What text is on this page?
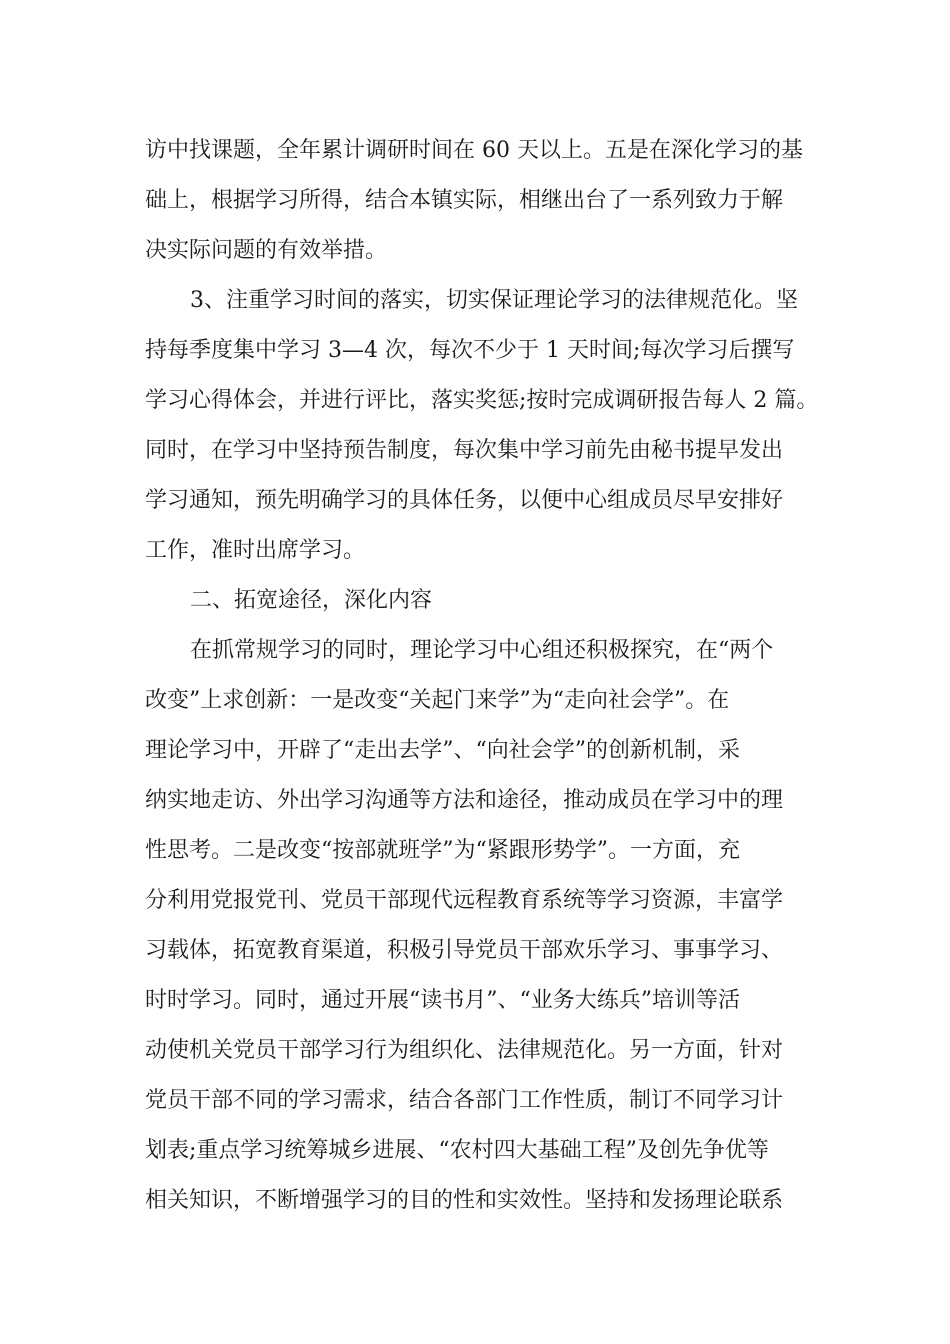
访中找课题，全年累计调研时间在 60 天以上。五是在深化学习的基
础上，根据学习所得，结合本镇实际，相继出台了一系列致力于解
决实际问题的有效举措。
3、注重学习时间的落实，切实保证理论学习的法律规范化。坚
持每季度集中学习 3—4 次，每次不少于 1 天时间;每次学习后撰写
学习心得体会，并进行评比，落实奖惩;按时完成调研报告每人 2 篇。
同时，在学习中坚持预告制度，每次集中学习前先由秘书提早发出
学习通知，预先明确学习的具体任务，以便中心组成员尽早安排好
工作，准时出席学习。
二、拓宽途径，深化内容
在抓常规学习的同时，理论学习中心组还积极探究，在“两个
改变”上求创新：一是改变“关起门来学”为“走向社会学”。在
理论学习中，开辟了“走出去学”、“向社会学”的创新机制，采
纳实地走访、外出学习沟通等方法和途径，推动成员在学习中的理
性思考。二是改变“按部就班学”为“紧跟形势学”。一方面，充
分利用党报党刊、党员干部现代远程教育系统等学习资源，丰富学
习载体，拓宽教育渠道，积极引导党员干部欢乐学习、事事学习、
时时学习。同时，通过开展“读书月”、“业务大练兵”培训等活
动使机关党员干部学习行为组织化、法律规范化。另一方面，针对
党员干部不同的学习需求，结合各部门工作性质，制订不同学习计
划表;重点学习统筹城乡进展、“农村四大基础工程”及创先争优等
相关知识，不断增强学习的目的性和实效性。坚持和发扬理论联系
